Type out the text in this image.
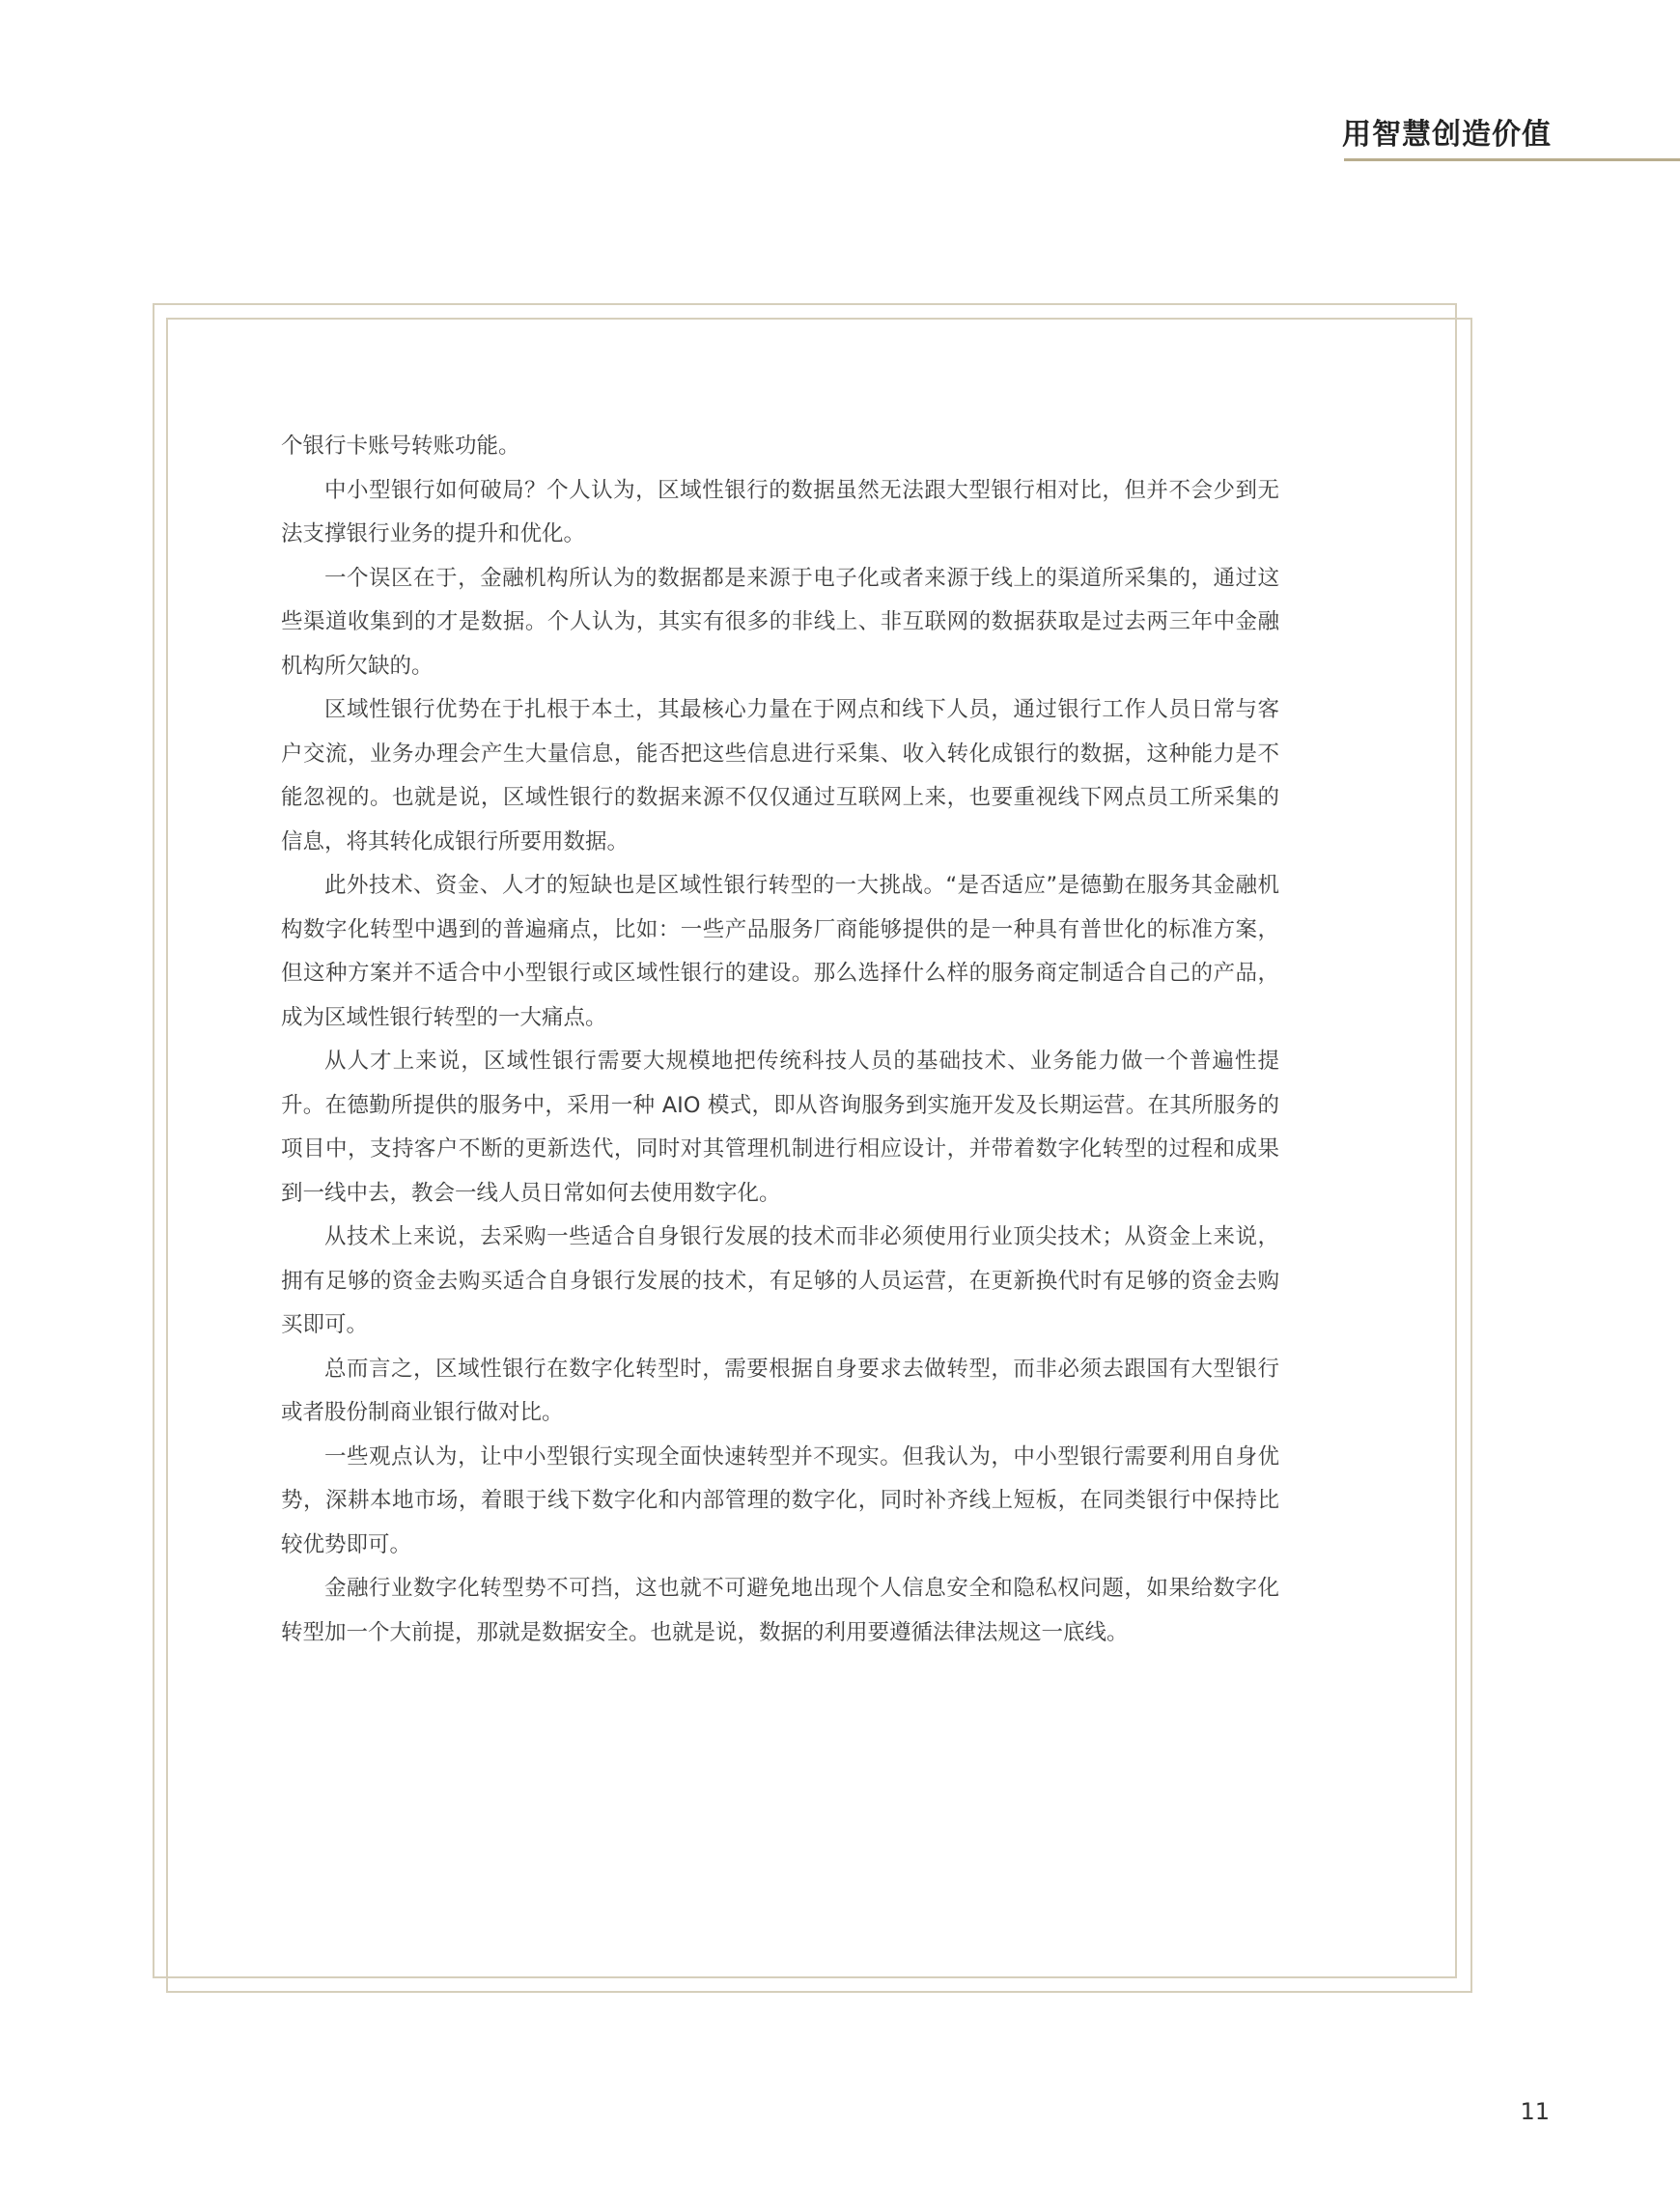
用智慧创造价值

个银行卡账号转账功能。

中小型银行如何破局？个人认为，区域性银行的数据虽然无法跟大型银行相对比，但并不会少到无法支撑银行业务的提升和优化。

一个误区在于，金融机构所认为的数据都是来源于电子化或者来源于线上的渠道所采集的，通过这些渠道收集到的才是数据。个人认为，其实有很多的非线上、非互联网的数据获取是过去两三年中金融机构所欠缺的。

区域性银行优势在于扎根于本土，其最核心力量在于网点和线下人员，通过银行工作人员日常与客户交流，业务办理会产生大量信息，能否把这些信息进行采集、收入转化成银行的数据，这种能力是不能忽视的。也就是说，区域性银行的数据来源不仅仅通过互联网上来，也要重视线下网点员工所采集的信息，将其转化成银行所要用数据。

此外技术、资金、人才的短缺也是区域性银行转型的一大挑战。“是否适应”是德勤在服务其金融机构数字化转型中遇到的普遍痛点，比如：一些产品服务厂商能够提供的是一种具有普世化的标准方案，但这种方案并不适合中小型银行或区域性银行的建设。那么选择什么样的服务商定制适合自己的产品，成为区域性银行转型的一大痛点。

从人才上来说，区域性银行需要大规模地把传统科技人员的基础技术、业务能力做一个普遍性提升。在德勤所提供的服务中，采用一种 AIO 模式，即从咨询服务到实施开发及长期运营。在其所服务的项目中，支持客户不断的更新迭代，同时对其管理机制进行相应设计，并带着数字化转型的过程和成果到一线中去，教会一线人员日常如何去使用数字化。

从技术上来说，去采购一些适合自身银行发展的技术而非必须使用行业顶尖技术；从资金上来说，拥有足够的资金去购买适合自身银行发展的技术，有足够的人员运营，在更新换代时有足够的资金去购买即可。

总而言之，区域性银行在数字化转型时，需要根据自身要求去做转型，而非必须去跟国有大型银行或者股份制商业银行做对比。

一些观点认为，让中小型银行实现全面快速转型并不现实。但我认为，中小型银行需要利用自身优势，深耕本地市场，着眼于线下数字化和内部管理的数字化，同时补齐线上短板，在同类银行中保持比较优势即可。

金融行业数字化转型势不可挡，这也就不可避免地出现个人信息安全和隐私权问题，如果给数字化转型加一个大前提，那就是数据安全。也就是说，数据的利用要遵循法律法规这一底线。

11
